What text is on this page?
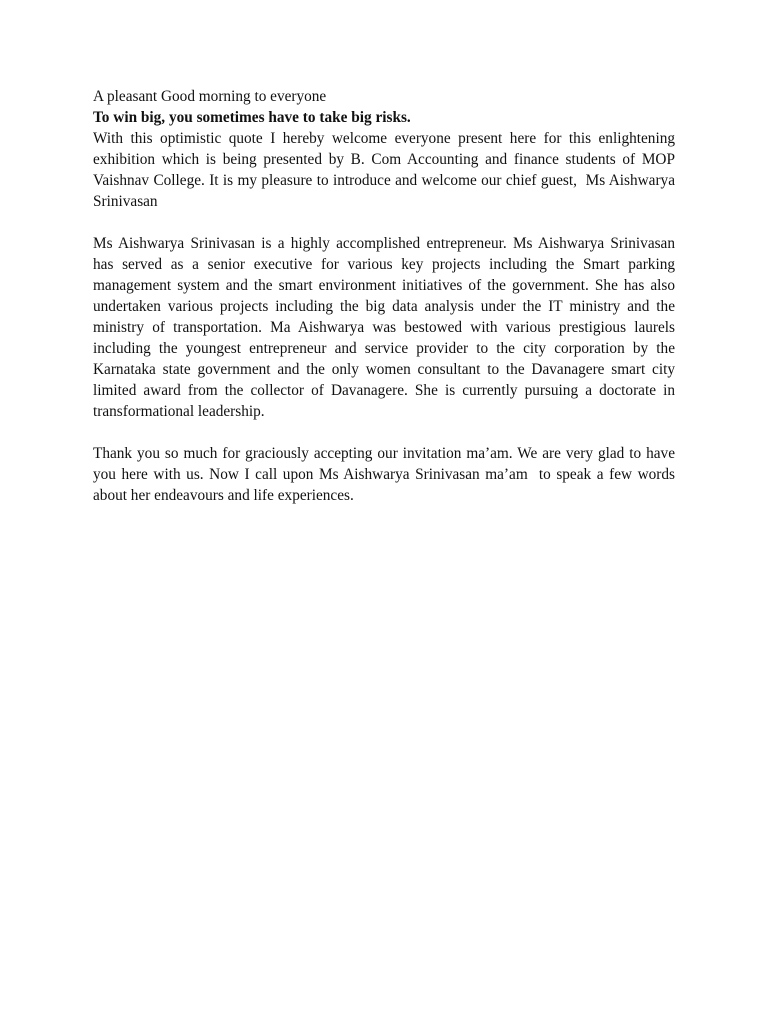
A pleasant Good morning to everyone

To win big, you sometimes have to take big risks.

With this optimistic quote I hereby welcome everyone present here for this enlightening exhibition which is being presented by B. Com Accounting and finance students of MOP Vaishnav College. It is my pleasure to introduce and welcome our chief guest,  Ms Aishwarya  Srinivasan

Ms Aishwarya Srinivasan is a highly accomplished entrepreneur. Ms Aishwarya Srinivasan has served as a senior executive for various key projects including the Smart parking management system and the smart environment initiatives of the government. She has also undertaken various projects including the big data analysis under the IT ministry and the ministry of transportation. Ma Aishwarya was bestowed with various prestigious laurels including the youngest entrepreneur and service provider to the city corporation by the Karnataka state government and the only women consultant to the Davanagere smart city limited award from the collector of Davanagere. She is currently pursuing a doctorate in transformational leadership.

Thank you so much for graciously accepting our invitation ma’am. We are very glad to have you here with us. Now I call upon Ms Aishwarya Srinivasan ma’am  to speak a few words about her endeavours and life experiences.
